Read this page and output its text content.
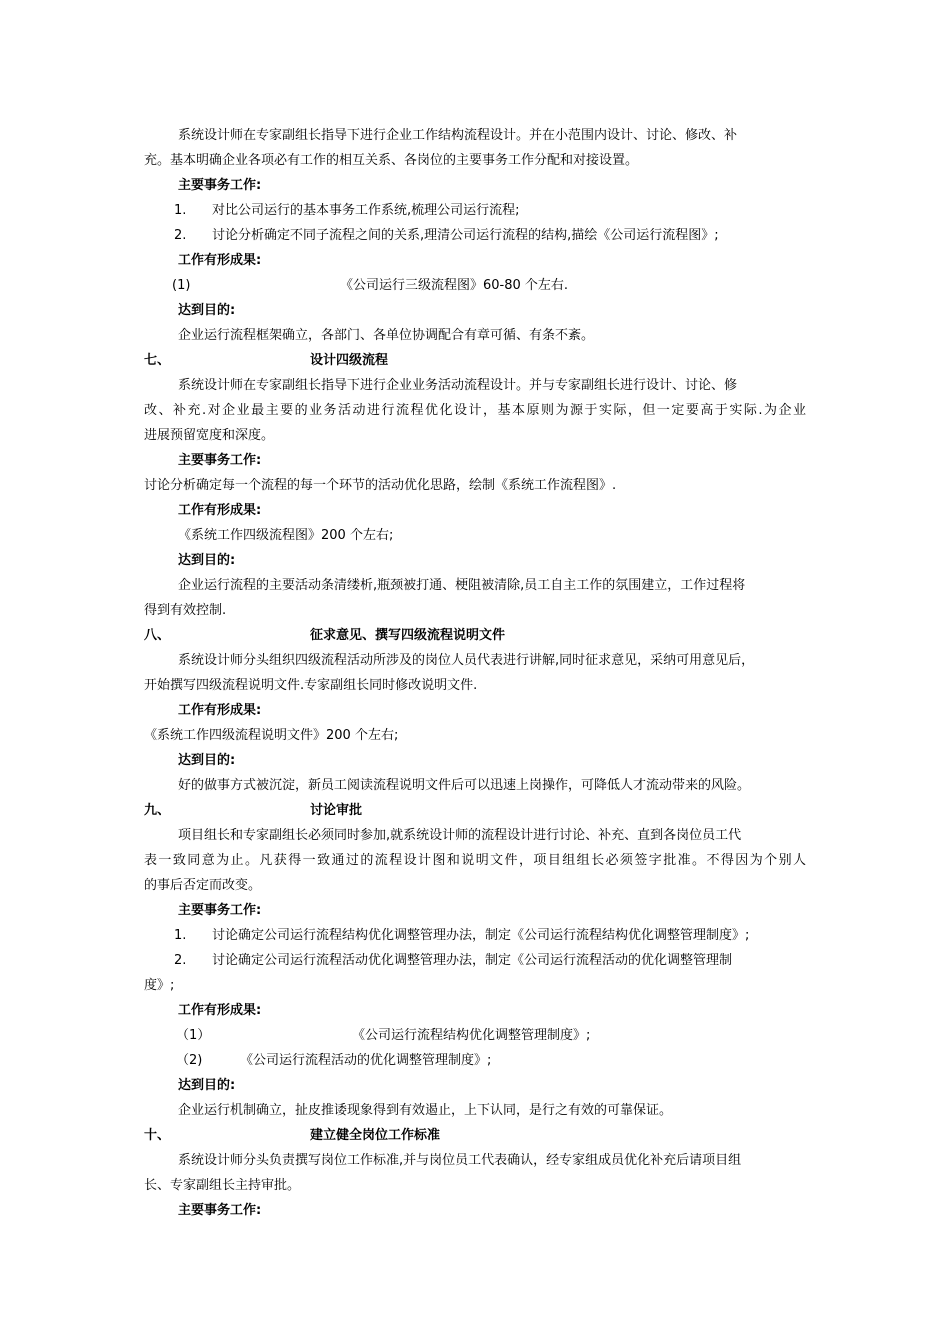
系统设计师在专家副组长指导下进行企业工作结构流程设计。并在小范围内设计、讨论、修改、补
充。基本明确企业各项必有工作的相互关系、各岗位的主要事务工作分配和对接设置。
主要事务工作:
1. 对比公司运行的基本事务工作系统,梳理公司运行流程;
2. 讨论分析确定不同子流程之间的关系,理清公司运行流程的结构,描绘《公司运行流程图》;
工作有形成果:
(1)	《公司运行三级流程图》60-80 个左右.
达到目的:
企业运行流程框架确立，各部门、各单位协调配合有章可循、有条不紊。
七、	设计四级流程
系统设计师在专家副组长指导下进行企业业务活动流程设计。并与专家副组长进行设计、讨论、修
改、补充.对企业最主要的业务活动进行流程优化设计，基本原则为源于实际，但一定要高于实际.为企业
进展预留宽度和深度。
主要事务工作:
讨论分析确定每一个流程的每一个环节的活动优化思路，绘制《系统工作流程图》.
工作有形成果:
《系统工作四级流程图》200 个左右;
达到目的:
企业运行流程的主要活动条清缕析,瓶颈被打通、梗阻被清除,员工自主工作的氛围建立，工作过程将
得到有效控制.
八、	征求意见、撰写四级流程说明文件
系统设计师分头组织四级流程活动所涉及的岗位人员代表进行讲解,同时征求意见，采纳可用意见后，
开始撰写四级流程说明文件.专家副组长同时修改说明文件.
工作有形成果:
《系统工作四级流程说明文件》200 个左右;
达到目的:
好的做事方式被沉淀，新员工阅读流程说明文件后可以迅速上岗操作，可降低人才流动带来的风险。
九、	讨论审批
项目组长和专家副组长必须同时参加,就系统设计师的流程设计进行讨论、补充、直到各岗位员工代
表一致同意为止。凡获得一致通过的流程设计图和说明文件，项目组组长必须签字批准。不得因为个别人
的事后否定而改变。
主要事务工作:
1. 讨论确定公司运行流程结构优化调整管理办法，制定《公司运行流程结构优化调整管理制度》;
2. 讨论确定公司运行流程活动优化调整管理办法，制定《公司运行流程活动的优化调整管理制
度》;
工作有形成果:
（1）	《公司运行流程结构优化调整管理制度》;
（2)	《公司运行流程活动的优化调整管理制度》;
达到目的:
企业运行机制确立，扯皮推诿现象得到有效遏止，上下认同，是行之有效的可靠保证。
十、	建立健全岗位工作标准
系统设计师分头负责撰写岗位工作标准,并与岗位员工代表确认，经专家组成员优化补充后请项目组
长、专家副组长主持审批。
主要事务工作:
